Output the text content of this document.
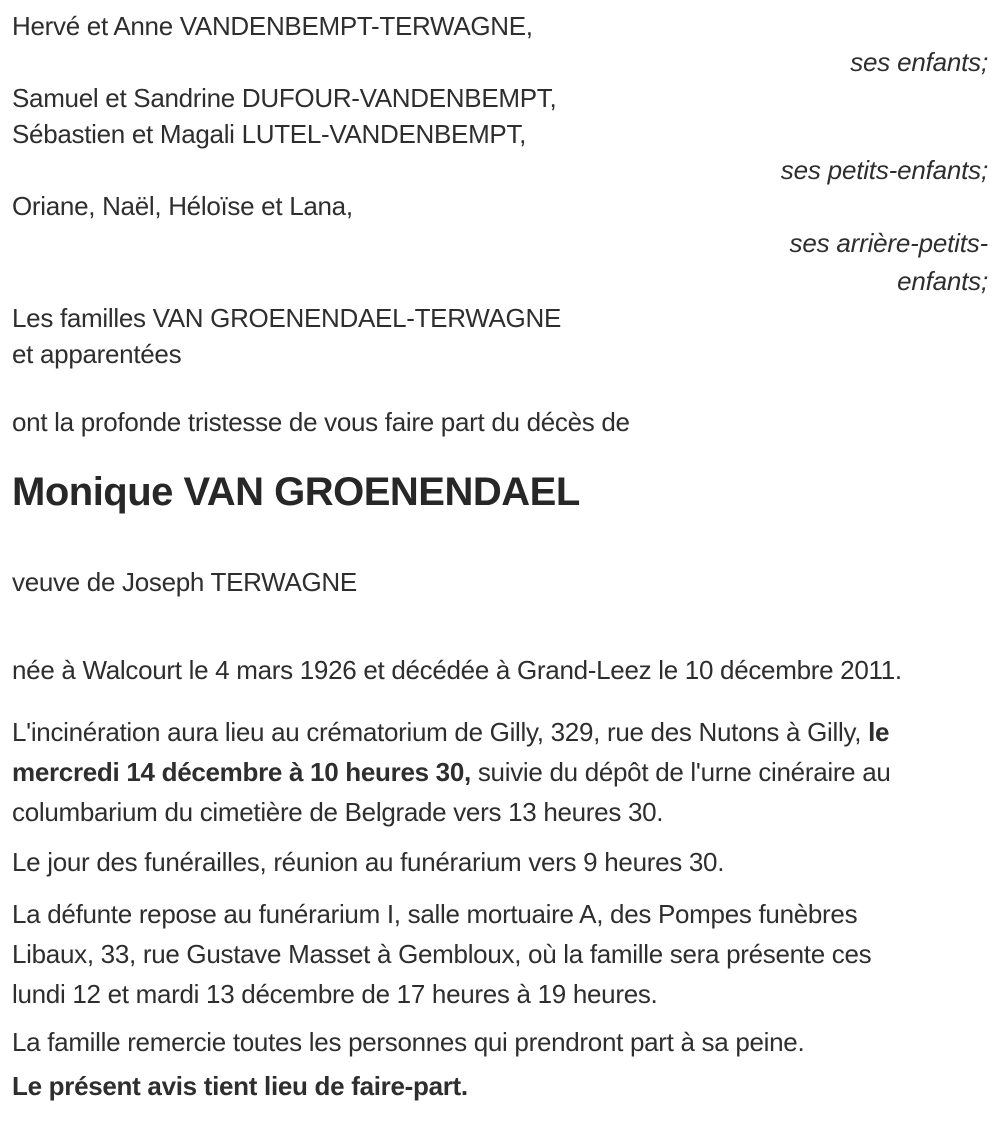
Hervé et Anne VANDENBEMPT-TERWAGNE,
ses enfants;
Samuel et Sandrine DUFOUR-VANDENBEMPT,
Sébastien et Magali LUTEL-VANDENBEMPT,
ses petits-enfants;
Oriane, Naël, Héloïse et Lana,
ses arrière-petits-enfants;
Les familles VAN GROENENDAEL-TERWAGNE
et apparentées
ont la profonde tristesse de vous faire part du décès de
Monique VAN GROENENDAEL
veuve de Joseph TERWAGNE
née à Walcourt le 4 mars 1926 et décédée à Grand-Leez le 10 décembre 2011.
L'incinération aura lieu au crématorium de Gilly, 329, rue des Nutons à Gilly, le mercredi 14 décembre à 10 heures 30, suivie du dépôt de l'urne cinéraire au columbarium du cimetière de Belgrade vers 13 heures 30.
Le jour des funérailles, réunion au funérarium vers 9 heures 30.
La défunte repose au funérarium I, salle mortuaire A, des Pompes funèbres Libaux, 33, rue Gustave Masset à Gembloux, où la famille sera présente ces lundi 12 et mardi 13 décembre de 17 heures à 19 heures.
La famille remercie toutes les personnes qui prendront part à sa peine.
Le présent avis tient lieu de faire-part.
